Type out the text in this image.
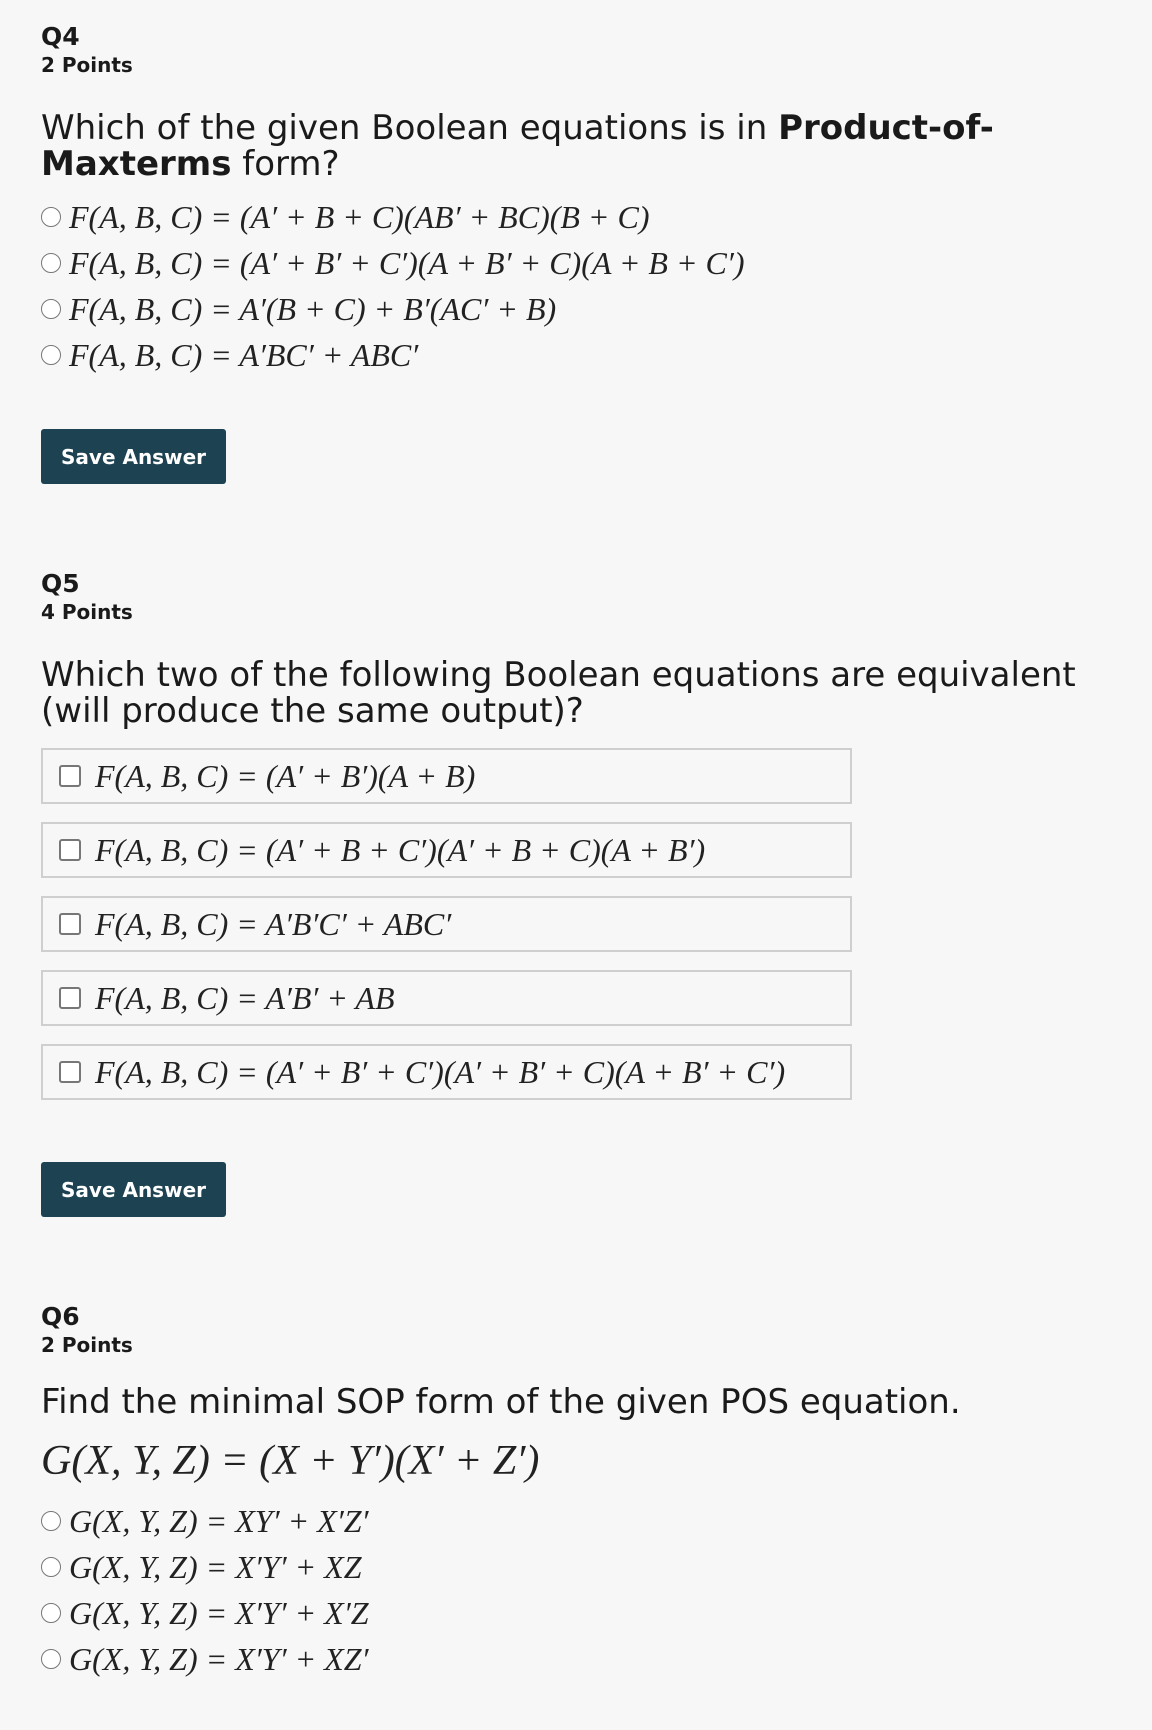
Q4

2 Points

Which of the given Boolean equations is in Product-of-Maxterms form?

F(A, B, C) = (A′ + B + C)(AB′ + BC)(B + C)
F(A, B, C) = (A′ + B′ + C′)(A + B′ + C)(A + B + C′)
F(A, B, C) = A′(B + C) + B′(AC′ + B)
F(A, B, C) = A′BC′ + ABC′
Save Answer

Q5

4 Points

Which two of the following Boolean equations are equivalent (will produce the same output)?

F(A, B, C) = (A′ + B′)(A + B)
F(A, B, C) = (A′ + B + C′)(A′ + B + C)(A + B′)
F(A, B, C) = A′B′C′ + ABC′
F(A, B, C) = A′B′ + AB
F(A, B, C) = (A′ + B′ + C′)(A′ + B′ + C)(A + B′ + C′)
Save Answer

Q6

2 Points

Find the minimal SOP form of the given POS equation.

G(X, Y, Z) = (X + Y′)(X′ + Z′)
G(X, Y, Z) = XY′ + X′Z′
G(X, Y, Z) = X′Y′ + XZ
G(X, Y, Z) = X′Y′ + X′Z
G(X, Y, Z) = X′Y′ + XZ′
